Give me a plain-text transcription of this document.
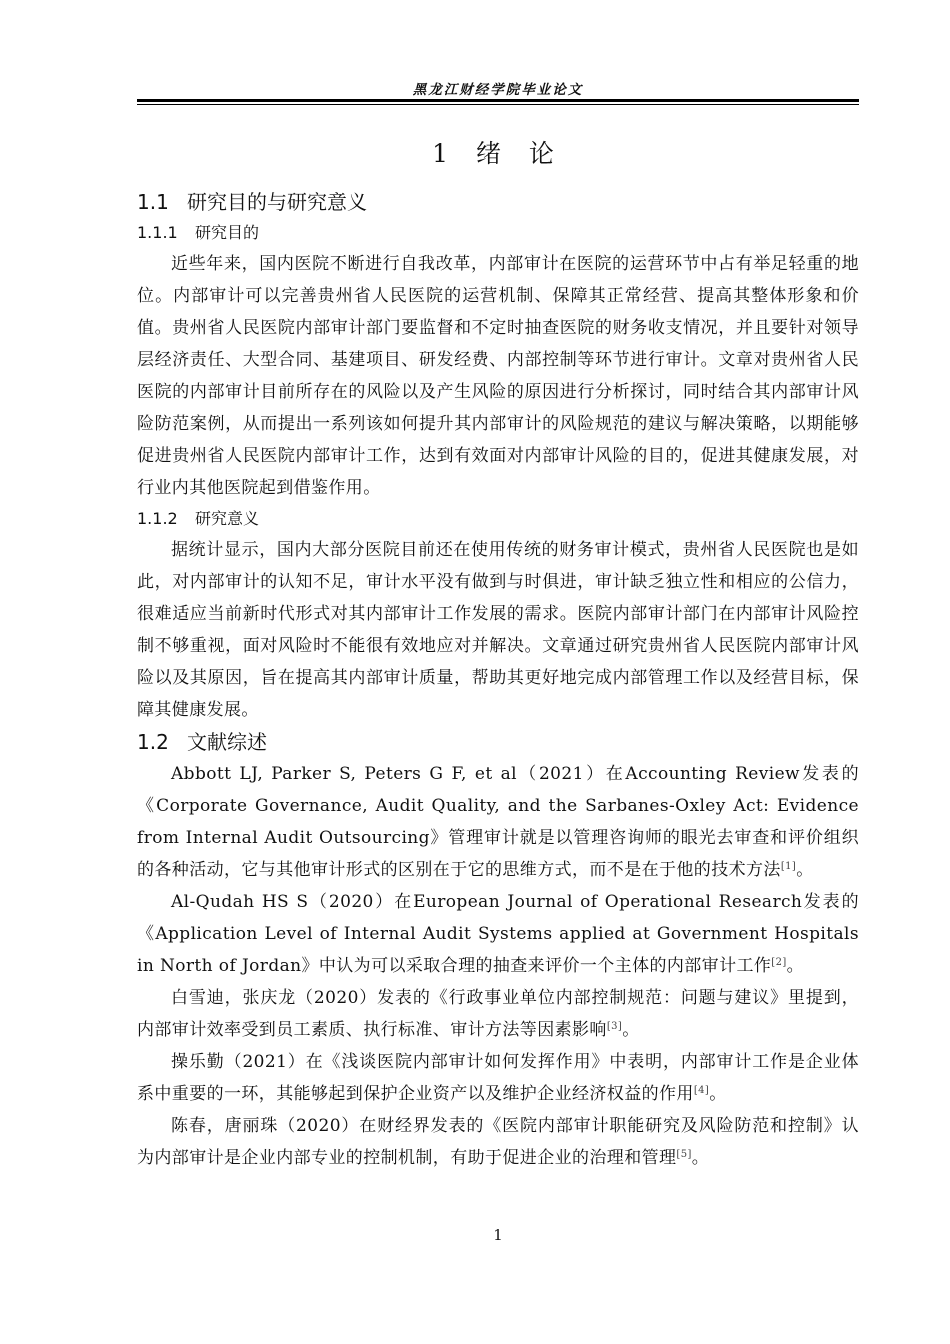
黑龙江财经学院毕业论文
1 绪 论
1.1 研究目的与研究意义
1.1.1 研究目的

近些年来，国内医院不断进行自我改革，内部审计在医院的运营环节中占有举足轻重的地位。内部审计可以完善贵州省人民医院的运营机制、保障其正常经营、提高其整体形象和价值。贵州省人民医院内部审计部门要监督和不定时抽查医院的财务收支情况，并且要针对领导层经济责任、大型合同、基建项目、研发经费、内部控制等环节进行审计。文章对贵州省人民医院的内部审计目前所存在的风险以及产生风险的原因进行分析探讨，同时结合其内部审计风险防范案例，从而提出一系列该如何提升其内部审计的风险规范的建议与解决策略，以期能够促进贵州省人民医院内部审计工作，达到有效面对内部审计风险的目的，促进其健康发展，对行业内其他医院起到借鉴作用。

1.1.2 研究意义

据统计显示，国内大部分医院目前还在使用传统的财务审计模式，贵州省人民医院也是如此，对内部审计的认知不足，审计水平没有做到与时俱进，审计缺乏独立性和相应的公信力，很难适应当前新时代形式对其内部审计工作发展的需求。医院内部审计部门在内部审计风险控制不够重视，面对风险时不能很有效地应对并解决。文章通过研究贵州省人民医院内部审计风险以及其原因，旨在提高其内部审计质量，帮助其更好地完成内部管理工作以及经营目标，保障其健康发展。

1.2 文献综述

Abbott LJ, Parker S, Peters G F, et al（2021）在Accounting Review发表的《Corporate Governance, Audit Quality, and the Sarbanes-Oxley Act: Evidence from Internal Audit Outsourcing》管理审计就是以管理咨询师的眼光去审查和评价组织的各种活动，它与其他审计形式的区别在于它的思维方式，而不是在于他的技术方法[1]。

Al-Qudah HS S（2020）在European Journal of Operational Research发表的《Application Level of Internal Audit Systems applied at Government Hospitals in North of Jordan》中认为可以采取合理的抽查来评价一个主体的内部审计工作[2]。

白雪迪，张庆龙（2020）发表的《行政事业单位内部控制规范：问题与建议》里提到，内部审计效率受到员工素质、执行标准、审计方法等因素影响[3]。

操乐勤（2021）在《浅谈医院内部审计如何发挥作用》中表明，内部审计工作是企业体系中重要的一环，其能够起到保护企业资产以及维护企业经济权益的作用[4]。

陈春，唐丽珠（2020）在财经界发表的《医院内部审计职能研究及风险防范和控制》认为内部审计是企业内部专业的控制机制，有助于促进企业的治理和管理[5]。

1
